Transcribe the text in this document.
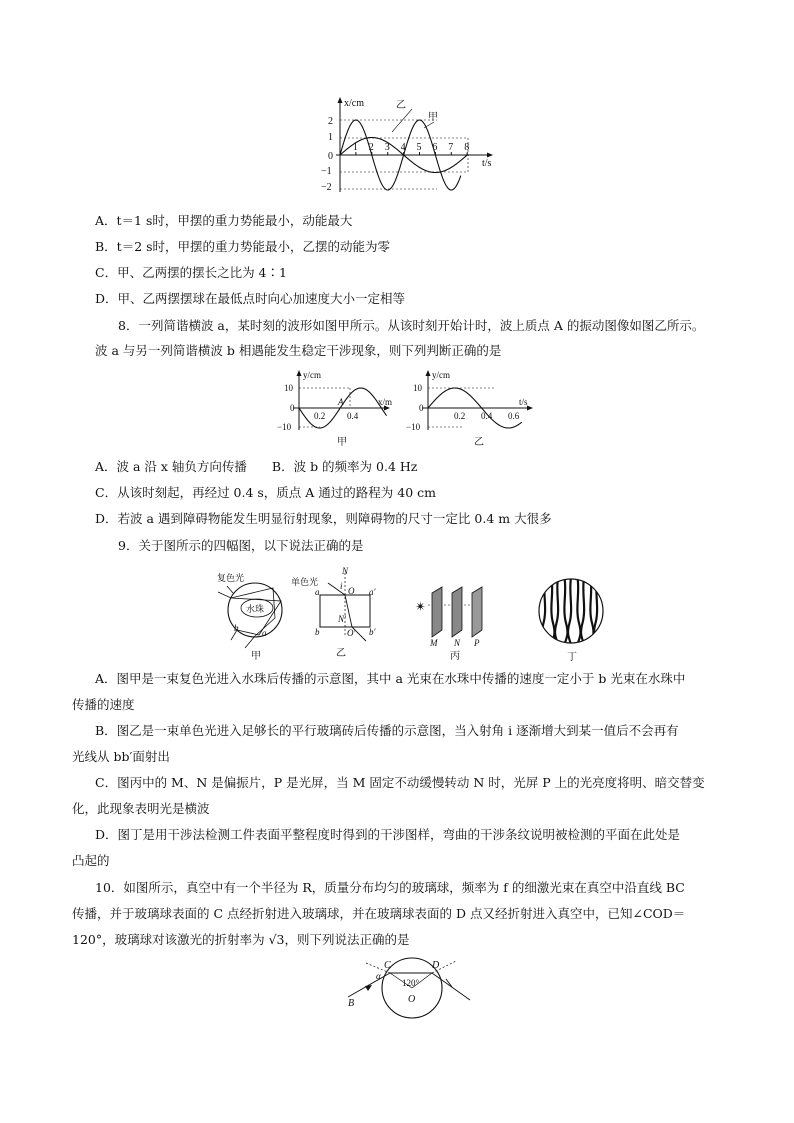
x/cm
t/s
乙
甲
2
1
0
−1
−2
1 2 3 4 5 6 7 8
A．t＝1 s时，甲摆的重力势能最小，动能最大
B．t＝2 s时，甲摆的重力势能最小，乙摆的动能为零
C．甲、乙两摆的摆长之比为 4∶1
D．甲、乙两摆摆球在最低点时向心加速度大小一定相等
8．一列简谐横波 a，某时刻的波形如图甲所示。从该时刻开始计时，波上质点 A 的振动图像如图乙所示。
波 a 与另一列简谐横波 b 相遇能发生稳定干涉现象，则下列判断正确的是
y/cm
x/m
10
0
−10
0.2 0.4
A
甲
y/cm
t/s
10
0
−10
0.2 0.4 0.6
乙
A．波 a 沿 x 轴负方向传播　　B．波 b 的频率为 0.4 Hz
C．从该时刻起，再经过 0.4 s，质点 A 通过的路程为 40 cm
D．若波 a 遇到障碍物能发生明显衍射现象，则障碍物的尺寸一定比 0.4 m 大很多
9．关于图所示的四幅图，以下说法正确的是
复色光
水珠
a
b
甲
单色光
N
i O
a	a′
b	b′
N′
O′
乙
✴
M N P
丙	丁
A．图甲是一束复色光进入水珠后传播的示意图，其中 a 光束在水珠中传播的速度一定小于 b 光束在水珠中
传播的速度
B．图乙是一束单色光进入足够长的平行玻璃砖后传播的示意图，当入射角 i 逐渐增大到某一值后不会再有
光线从 bb′面射出
C．图丙中的 M、N 是偏振片，P 是光屏，当 M 固定不动缓慢转动 N 时，光屏 P 上的光亮度将明、暗交替变
化，此现象表明光是横波
D．图丁是用干涉法检测工件表面平整程度时得到的干涉图样，弯曲的干涉条纹说明被检测的平面在此处是
凸起的
10．如图所示，真空中有一个半径为 R，质量分布均匀的玻璃球，频率为 f 的细激光束在真空中沿直线 BC
传播，并于玻璃球表面的 C 点经折射进入玻璃球，并在玻璃球表面的 D 点又经折射进入真空中，已知∠COD＝
120°，玻璃球对该激光的折射率为 √3，则下列说法正确的是
B
C	D
O
α
120°
